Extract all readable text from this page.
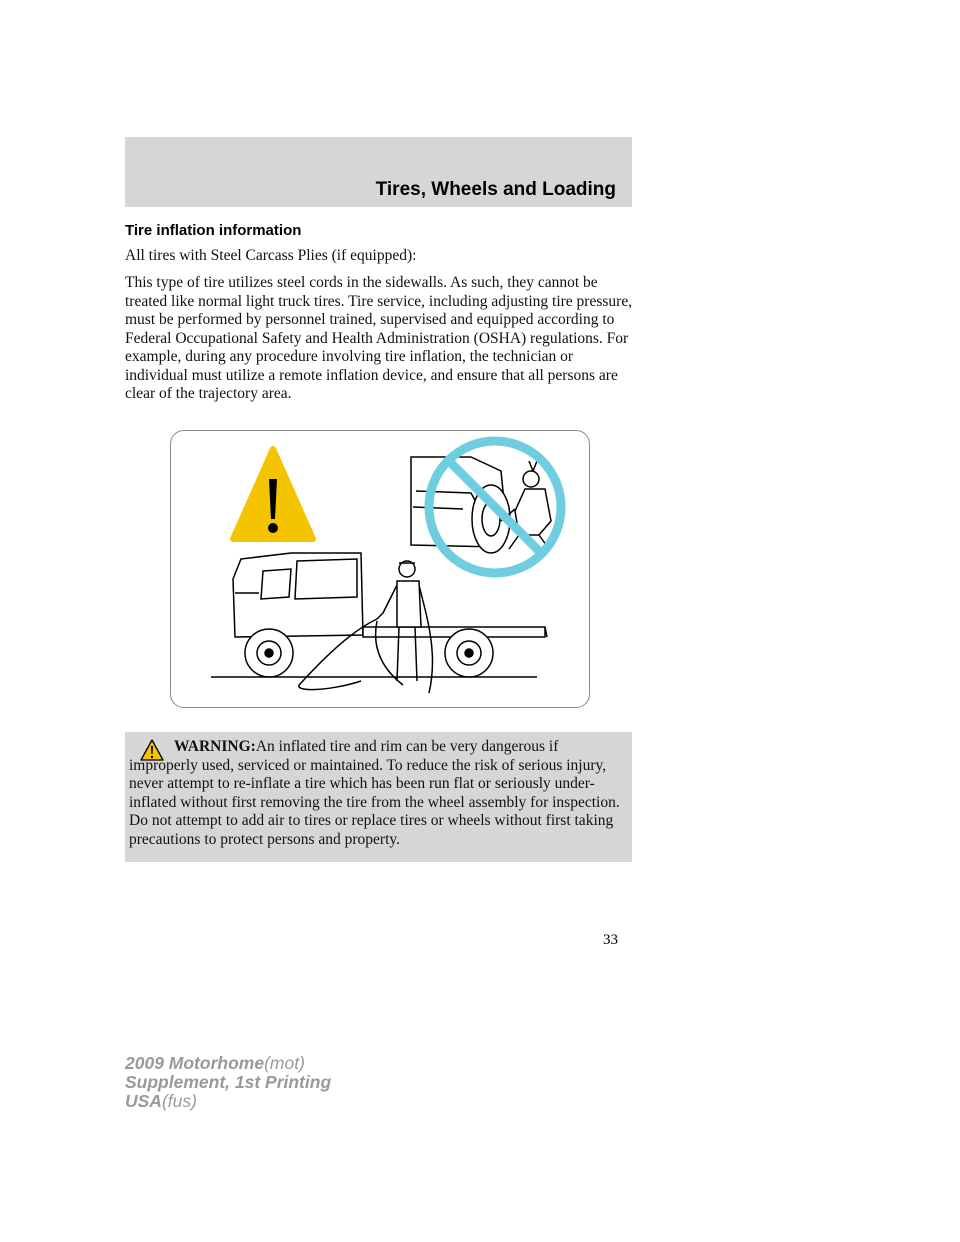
Tires, Wheels and Loading
Tire inflation information
All tires with Steel Carcass Plies (if equipped):
This type of tire utilizes steel cords in the sidewalls. As such, they cannot be treated like normal light truck tires. Tire service, including adjusting tire pressure, must be performed by personnel trained, supervised and equipped according to Federal Occupational Safety and Health Administration (OSHA) regulations. For example, during any procedure involving tire inflation, the technician or individual must utilize a remote inflation device, and ensure that all persons are clear of the trajectory area.
WARNING:An inflated tire and rim can be very dangerous if improperly used, serviced or maintained. To reduce the risk of serious injury, never attempt to re-inflate a tire which has been run flat or seriously under-inflated without first removing the tire from the wheel assembly for inspection. Do not attempt to add air to tires or replace tires or wheels without first taking precautions to protect persons and property.
33
2009 Motorhome(mot)
Supplement, 1st Printing
USA(fus)
